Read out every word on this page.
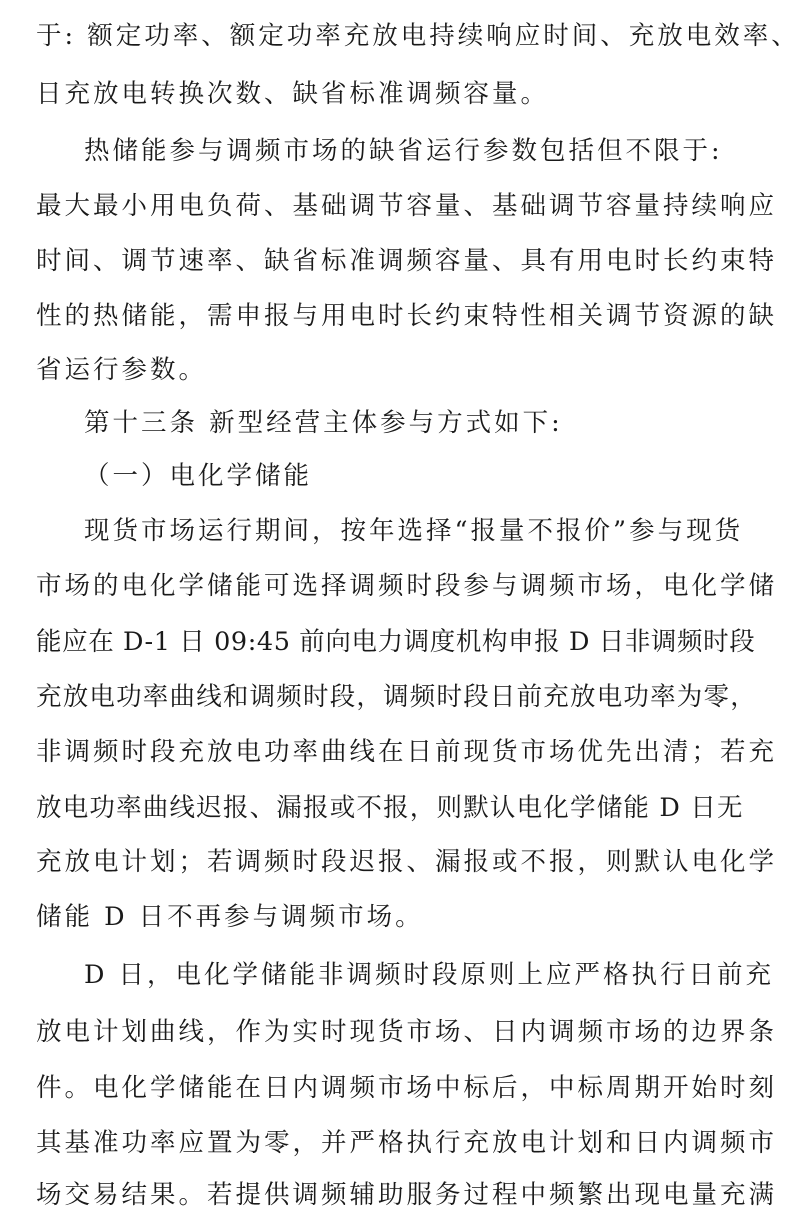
于: 额定功率、额定功率充放电持续响应时间、充放电效率、
日充放电转换次数、缺省标准调频容量。
热储能参与调频市场的缺省运行参数包括但不限于:
最大最小用电负荷、基础调节容量、基础调节容量持续响应
时间、调节速率、缺省标准调频容量、具有用电时长约束特
性的热储能，需申报与用电时长约束特性相关调节资源的缺
省运行参数。
第十三条 新型经营主体参与方式如下:
（一）电化学储能
现货市场运行期间，按年选择“报量不报价”参与现货
市场的电化学储能可选择调频时段参与调频市场，电化学储
能应在 D-1 日 09:45 前向电力调度机构申报 D 日非调频时段
充放电功率曲线和调频时段，调频时段日前充放电功率为零，
非调频时段充放电功率曲线在日前现货市场优先出清；若充
放电功率曲线迟报、漏报或不报，则默认电化学储能 D 日无
充放电计划；若调频时段迟报、漏报或不报，则默认电化学
储能 D 日不再参与调频市场。
D 日，电化学储能非调频时段原则上应严格执行日前充
放电计划曲线，作为实时现货市场、日内调频市场的边界条
件。电化学储能在日内调频市场中标后，中标周期开始时刻
其基准功率应置为零，并严格执行充放电计划和日内调频市
场交易结果。若提供调频辅助服务过程中频繁出现电量充满
